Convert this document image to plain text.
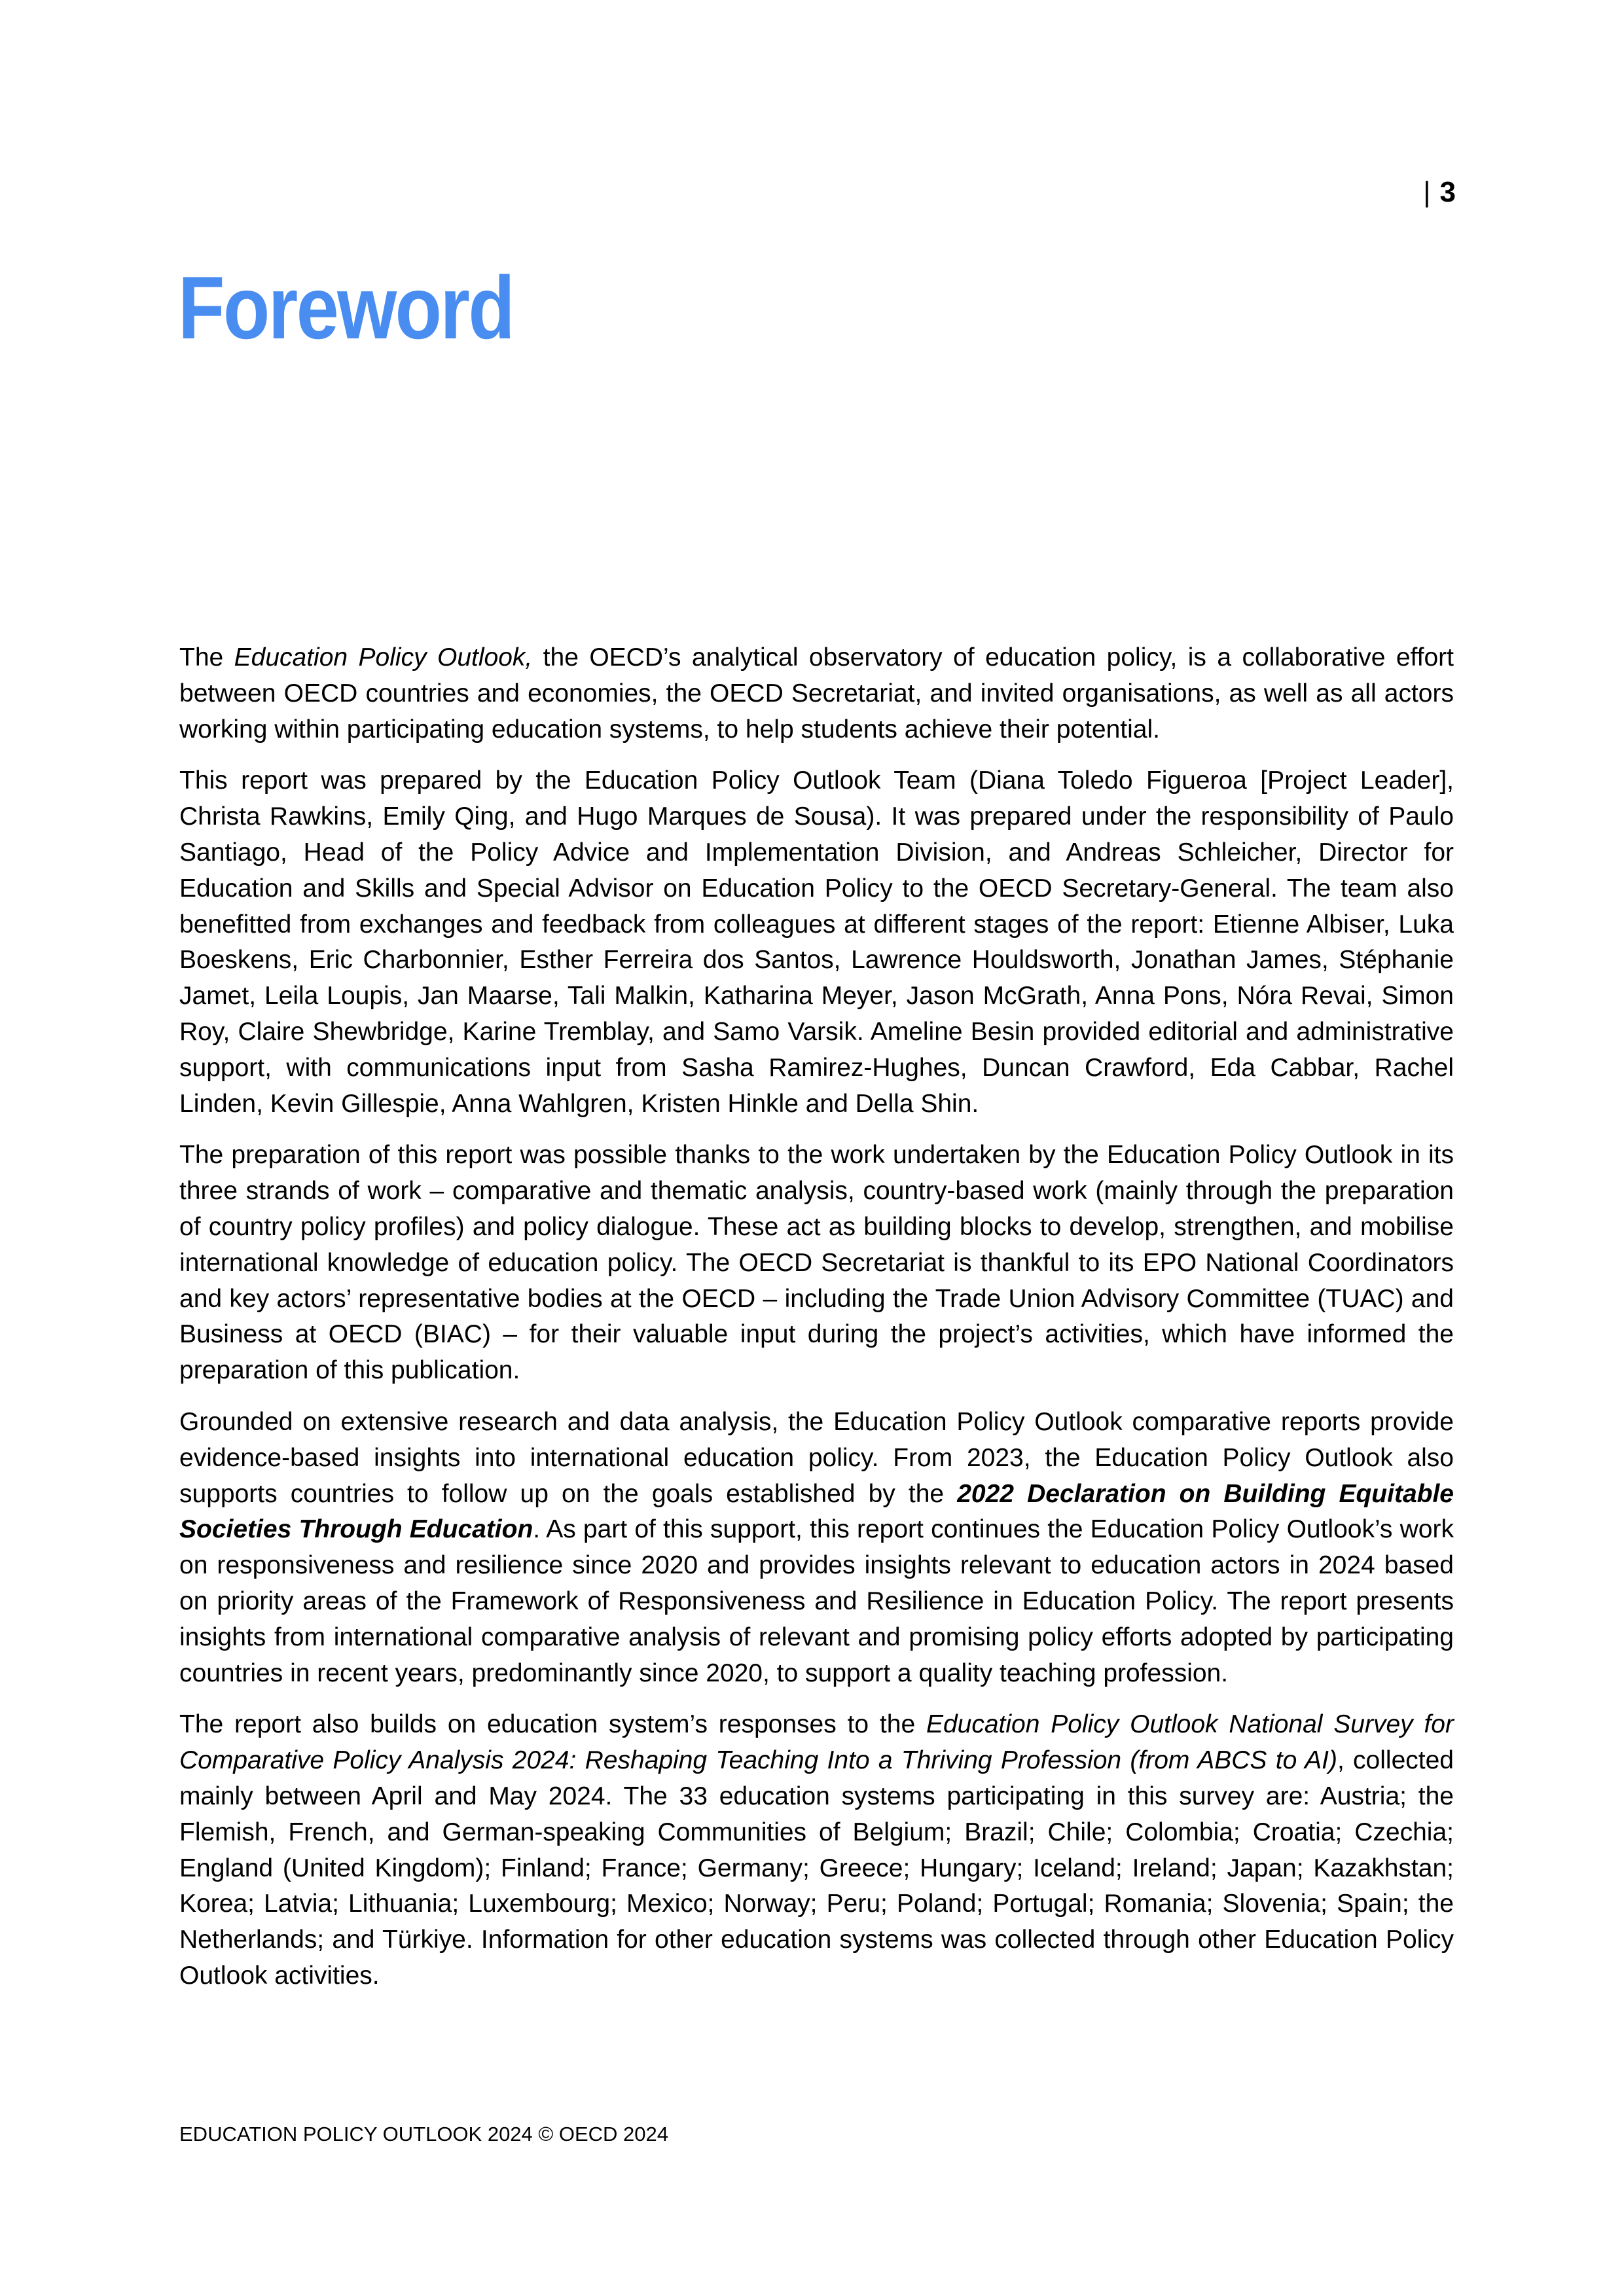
| 3
Foreword

The Education Policy Outlook, the OECD’s analytical observatory of education policy, is a collaborative effort between OECD countries and economies, the OECD Secretariat, and invited organisations, as well as all actors working within participating education systems, to help students achieve their potential.

This report was prepared by the Education Policy Outlook Team (Diana Toledo Figueroa [Project Leader], Christa Rawkins, Emily Qing, and Hugo Marques de Sousa). It was prepared under the responsibility of Paulo Santiago, Head of the Policy Advice and Implementation Division, and Andreas Schleicher, Director for Education and Skills and Special Advisor on Education Policy to the OECD Secretary-General. The team also benefitted from exchanges and feedback from colleagues at different stages of the report: Etienne Albiser, Luka Boeskens, Eric Charbonnier, Esther Ferreira dos Santos, Lawrence Houldsworth, Jonathan James, Stéphanie Jamet, Leila Loupis, Jan Maarse, Tali Malkin, Katharina Meyer, Jason McGrath, Anna Pons, Nóra Revai, Simon Roy, Claire Shewbridge, Karine Tremblay, and Samo Varsik. Ameline Besin provided editorial and administrative support, with communications input from Sasha Ramirez-Hughes, Duncan Crawford, Eda Cabbar, Rachel Linden, Kevin Gillespie, Anna Wahlgren, Kristen Hinkle and Della Shin.

The preparation of this report was possible thanks to the work undertaken by the Education Policy Outlook in its three strands of work – comparative and thematic analysis, country-based work (mainly through the preparation of country policy profiles) and policy dialogue. These act as building blocks to develop, strengthen, and mobilise international knowledge of education policy. The OECD Secretariat is thankful to its EPO National Coordinators and key actors’ representative bodies at the OECD – including the Trade Union Advisory Committee (TUAC) and Business at OECD (BIAC) – for their valuable input during the project’s activities, which have informed the preparation of this publication.

Grounded on extensive research and data analysis, the Education Policy Outlook comparative reports provide evidence-based insights into international education policy. From 2023, the Education Policy Outlook also supports countries to follow up on the goals established by the 2022 Declaration on Building Equitable Societies Through Education. As part of this support, this report continues the Education Policy Outlook’s work on responsiveness and resilience since 2020 and provides insights relevant to education actors in 2024 based on priority areas of the Framework of Responsiveness and Resilience in Education Policy. The report presents insights from international comparative analysis of relevant and promising policy efforts adopted by participating countries in recent years, predominantly since 2020, to support a quality teaching profession.

The report also builds on education system’s responses to the Education Policy Outlook National Survey for Comparative Policy Analysis 2024: Reshaping Teaching Into a Thriving Profession (from ABCS to AI), collected mainly between April and May 2024. The 33 education systems participating in this survey are: Austria; the Flemish, French, and German-speaking Communities of Belgium; Brazil; Chile; Colombia; Croatia; Czechia; England (United Kingdom); Finland; France; Germany; Greece; Hungary; Iceland; Ireland; Japan; Kazakhstan; Korea; Latvia; Lithuania; Luxembourg; Mexico; Norway; Peru; Poland; Portugal; Romania; Slovenia; Spain; the Netherlands; and Türkiye. Information for other education systems was collected through other Education Policy Outlook activities.

EDUCATION POLICY OUTLOOK 2024 © OECD 2024
